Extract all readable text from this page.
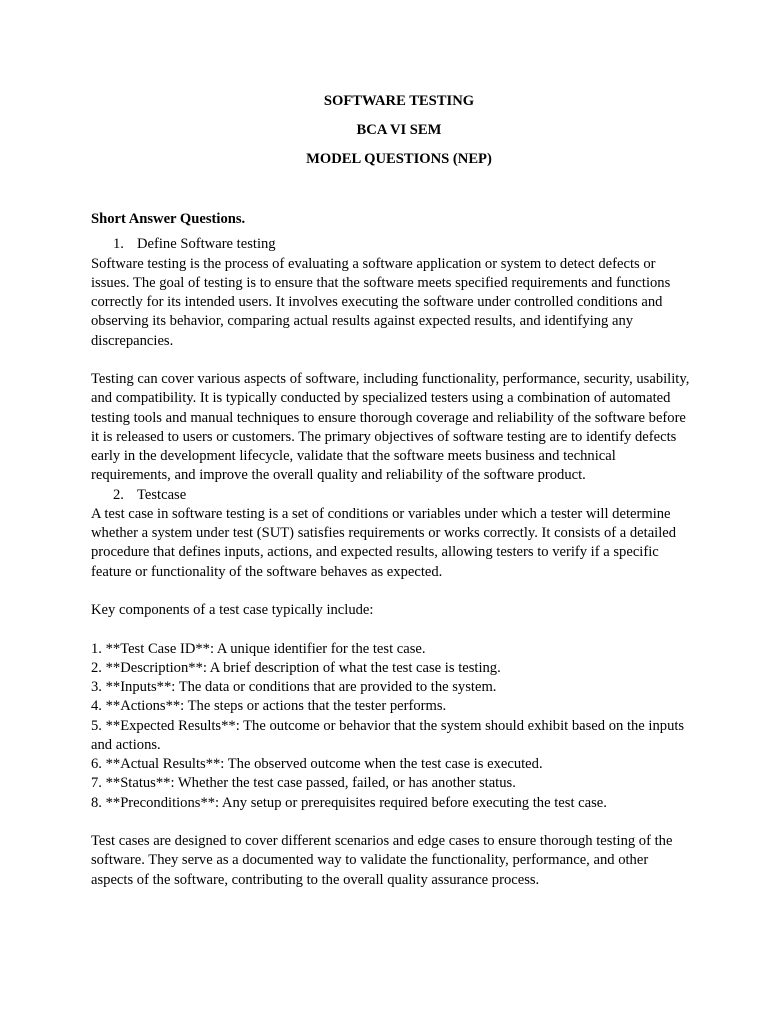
SOFTWARE TESTING
BCA VI SEM
MODEL QUESTIONS (NEP)
Short Answer Questions.
1. Define Software testing

Software testing is the process of evaluating a software application or system to detect defects or issues. The goal of testing is to ensure that the software meets specified requirements and functions correctly for its intended users. It involves executing the software under controlled conditions and observing its behavior, comparing actual results against expected results, and identifying any discrepancies.

Testing can cover various aspects of software, including functionality, performance, security, usability, and compatibility. It is typically conducted by specialized testers using a combination of automated testing tools and manual techniques to ensure thorough coverage and reliability of the software before it is released to users or customers. The primary objectives of software testing are to identify defects early in the development lifecycle, validate that the software meets business and technical requirements, and improve the overall quality and reliability of the software product.

2. Testcase

A test case in software testing is a set of conditions or variables under which a tester will determine whether a system under test (SUT) satisfies requirements or works correctly. It consists of a detailed procedure that defines inputs, actions, and expected results, allowing testers to verify if a specific feature or functionality of the software behaves as expected.

Key components of a test case typically include:

1. **Test Case ID**: A unique identifier for the test case.

2. **Description**: A brief description of what the test case is testing.

3. **Inputs**: The data or conditions that are provided to the system.

4. **Actions**: The steps or actions that the tester performs.

5. **Expected Results**: The outcome or behavior that the system should exhibit based on the inputs and actions.

6. **Actual Results**: The observed outcome when the test case is executed.

7. **Status**: Whether the test case passed, failed, or has another status.

8. **Preconditions**: Any setup or prerequisites required before executing the test case.

Test cases are designed to cover different scenarios and edge cases to ensure thorough testing of the software. They serve as a documented way to validate the functionality, performance, and other aspects of the software, contributing to the overall quality assurance process.
